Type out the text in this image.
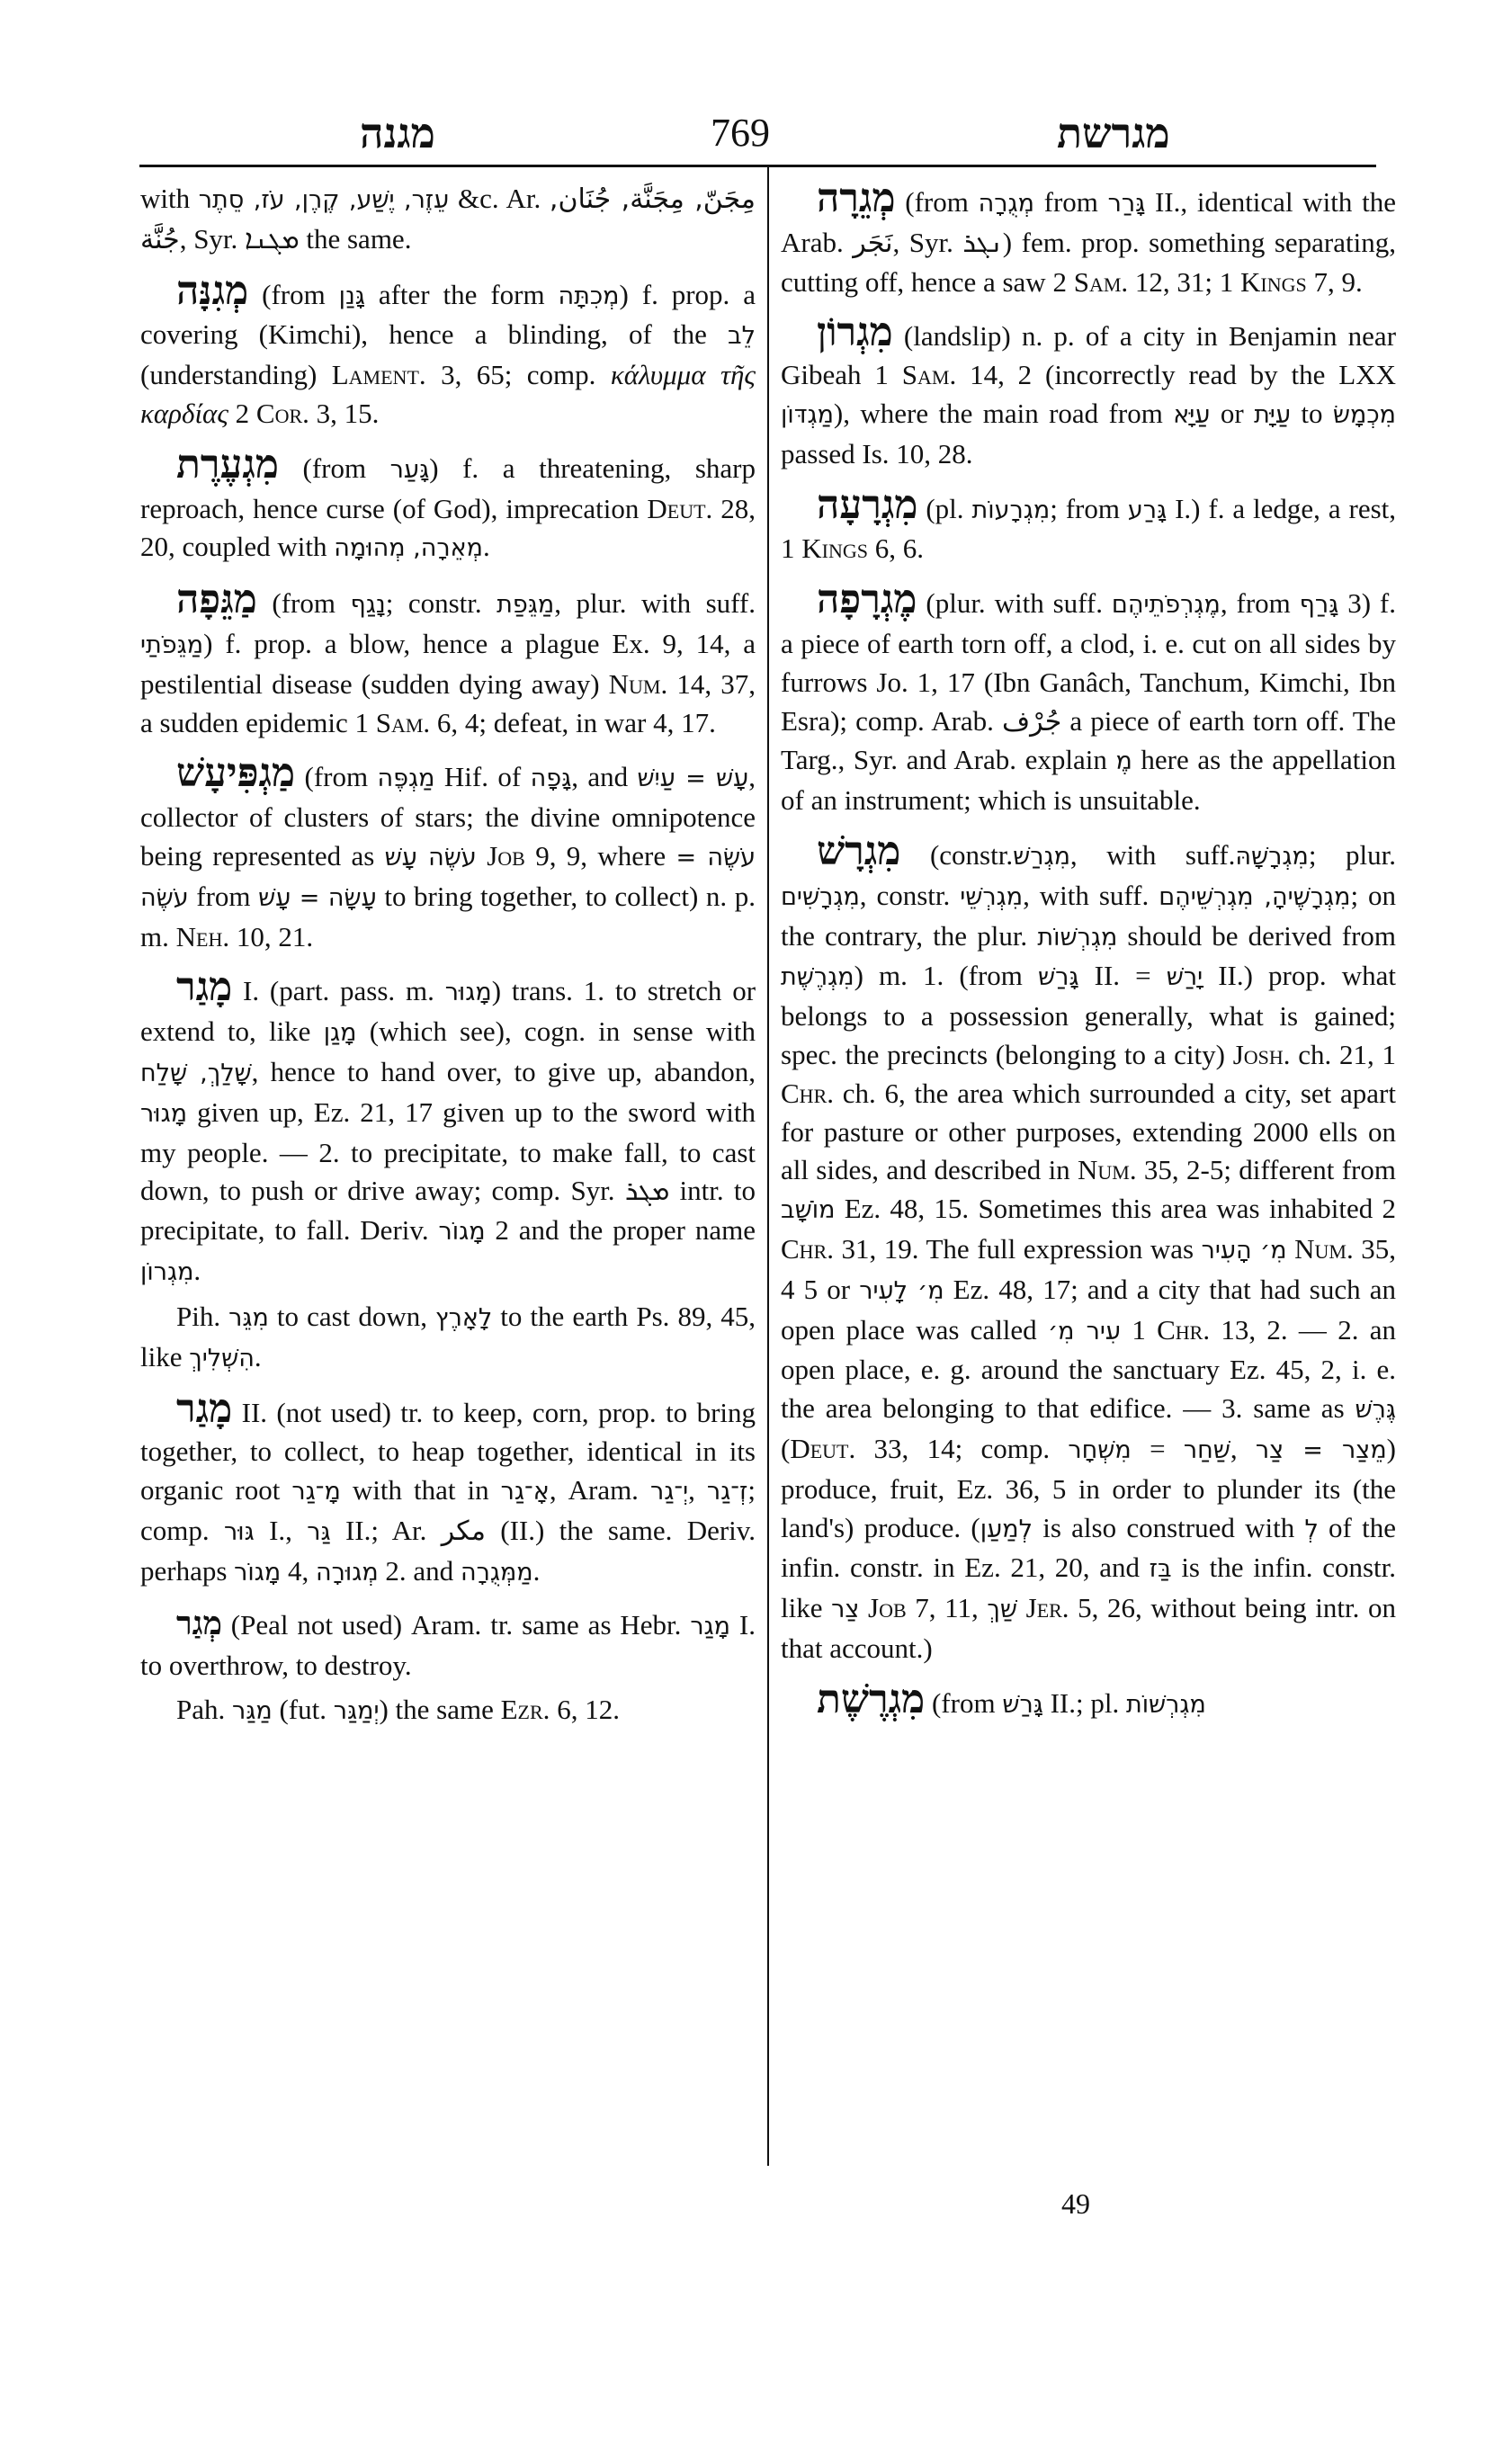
מגנה	769	מגרשת

with עֵזֶר, יֶשַׁע, קֶרֶן, עֹז, סֵתֶר &c. Ar. مِجَنّ, مِجَنَّة, جُنَان, جُنَّة, Syr. ܡܓܢܐ the same.

מְגִנָּה (from גָּנַן after the form מְכִתָּה) f. prop. a covering (Kimchi), hence a blinding, of the לֵב (understanding) Lament. 3, 65; comp. κάλυμμα τῆς καρδίας 2 Cor. 3, 15.

מִגְעֶרֶת (from גָּעַר) f. a threatening, sharp reproach, hence curse (of God), imprecation Deut. 28, 20, coupled with מְאֵרָה, מְהוּמָה.

מַגֵּפָה (from נָגַף; constr. מַגֵּפַת, plur. with suff. מַגֵּפֹתַי) f. prop. a blow, hence a plague Ex. 9, 14, a pestilential disease (sudden dying away) Num. 14, 37, a sudden epidemic 1 Sam. 6, 4; defeat, in war 4, 17.

מַגְפִּיעָשׁ (from מַגְפֶּה Hif. of גָּפָה, and עָשׁ = עַיִשׁ, collector of clusters of stars; the divine omnipotence being represented as עֹשֶׂה עָשׁ Job 9, 9, where עֹשֶׂה = עֹשֶׂה from עָשָׂה = עָשׁ to bring together, to collect) n. p. m. Neh. 10, 21.

מָגַר I. (part. pass. m. מָגוּר) trans. 1. to stretch or extend to, like מָגַן (which see), cogn. in sense with שָׁלַךְ, שָׁלַח, hence to hand over, to give up, abandon, מָגוּר given up, Ez. 21, 17 given up to the sword with my people. — 2. to precipitate, to make fall, to cast down, to push or drive away; comp. Syr. ܡܓܪ intr. to precipitate, to fall. Deriv. מָגוֹר 2 and the proper name מִגְרוֹן.

Pih. מִגֵּר to cast down, לָאָרֶץ to the earth Ps. 89, 45, like הִשְׁלִיךְ.

מָגַר II. (not used) tr. to keep, corn, prop. to bring together, to collect, to heap together, identical in its organic root מָ־גַר with that in אָ־גַר, Aram. יְ־גַר, זְ־גַר; comp. גּוּר I., גַּר II.; Ar. مكر (II.) the same. Deriv. perhaps מָגוֹר 4, מְגוּרָה 2. and מַמְּגֻרָה.

מְגַר (Peal not used) Aram. tr. same as Hebr. מָגַר I. to overthrow, to destroy.

Pah. מַגַּר (fut. יְמַגַּר) the same Ezr. 6, 12.

מְגֵרָה (from מְגֻרָה from גָּרַר II., identical with the Arab. نَجَر, Syr. ܢܓܪ) fem. prop. something separating, cutting off, hence a saw 2 Sam. 12, 31; 1 Kings 7, 9.

מִגְרוֹן (landslip) n. p. of a city in Benjamin near Gibeah 1 Sam. 14, 2 (incorrectly read by the LXX מַגְדּוֹן), where the main road from עַיָּא or עַיָּת to מִכְמָשׂ passed Is. 10, 28.

מִגְרָעָה (pl. מִגְרָעוֹת; from גָּרַע I.) f. a ledge, a rest, 1 Kings 6, 6.

מֶגְרָפָה (plur. with suff. מֶגְרְפֹתֵיהֶם, from גָּרַף 3) f. a piece of earth torn off, a clod, i. e. cut on all sides by furrows Jo. 1, 17 (Ibn Ganâch, Tanchum, Kimchi, Ibn Esra); comp. Arab. جُرْف a piece of earth torn off. The Targ., Syr. and Arab. explain מֶ here as the appellation of an instrument; which is unsuitable.

מִגְרָשׁ (constr.מִגְרַשׁ, with suff.מִגְרָשָׁהּ; plur. מִגְרָשִׁים, constr. מִגְרְשֵׁי, with suff. מִגְרָשֶׁיהָ, מִגְרְשֵׁיהֶם; on the contrary, the plur. מִגְרְשׁוֹת should be derived from מִגְרֶשֶׁת) m. 1. (from גָּרַשׁ II. = יָרַשׁ II.) prop. what belongs to a possession generally, what is gained; spec. the precincts (belonging to a city) Josh. ch. 21, 1 Chr. ch. 6, the area which surrounded a city, set apart for pasture or other purposes, extending 2000 ells on all sides, and described in Num. 35, 2-5; different from מוֹשָׁב Ez. 48, 15. Sometimes this area was inhabited 2 Chr. 31, 19. The full expression was מִ׳ הָעִיר Num. 35, 4 5 or מִ׳ לָעִיר Ez. 48, 17; and a city that had such an open place was called עִיר מִ׳ 1 Chr. 13, 2. — 2. an open place, e. g. around the sanctuary Ez. 45, 2, i. e. the area belonging to that edifice. — 3. same as גֶּרֶשׁ (Deut. 33, 14; comp. מִשְׁחָר = שַׁחַר, מֵצַר = צַר) produce, fruit, Ez. 36, 5 in order to plunder its (the land's) produce. (לְמַעַן is also construed with לְ of the infin. constr. in Ez. 21, 20, and בַּז is the infin. constr. like צַר Job 7, 11, שַׁךְ Jer. 5, 26, without being intr. on that account.)

מִגְרֶשֶׁת (from גָּרַשׁ II.; pl. מִגְרְשׁוֹת

49
